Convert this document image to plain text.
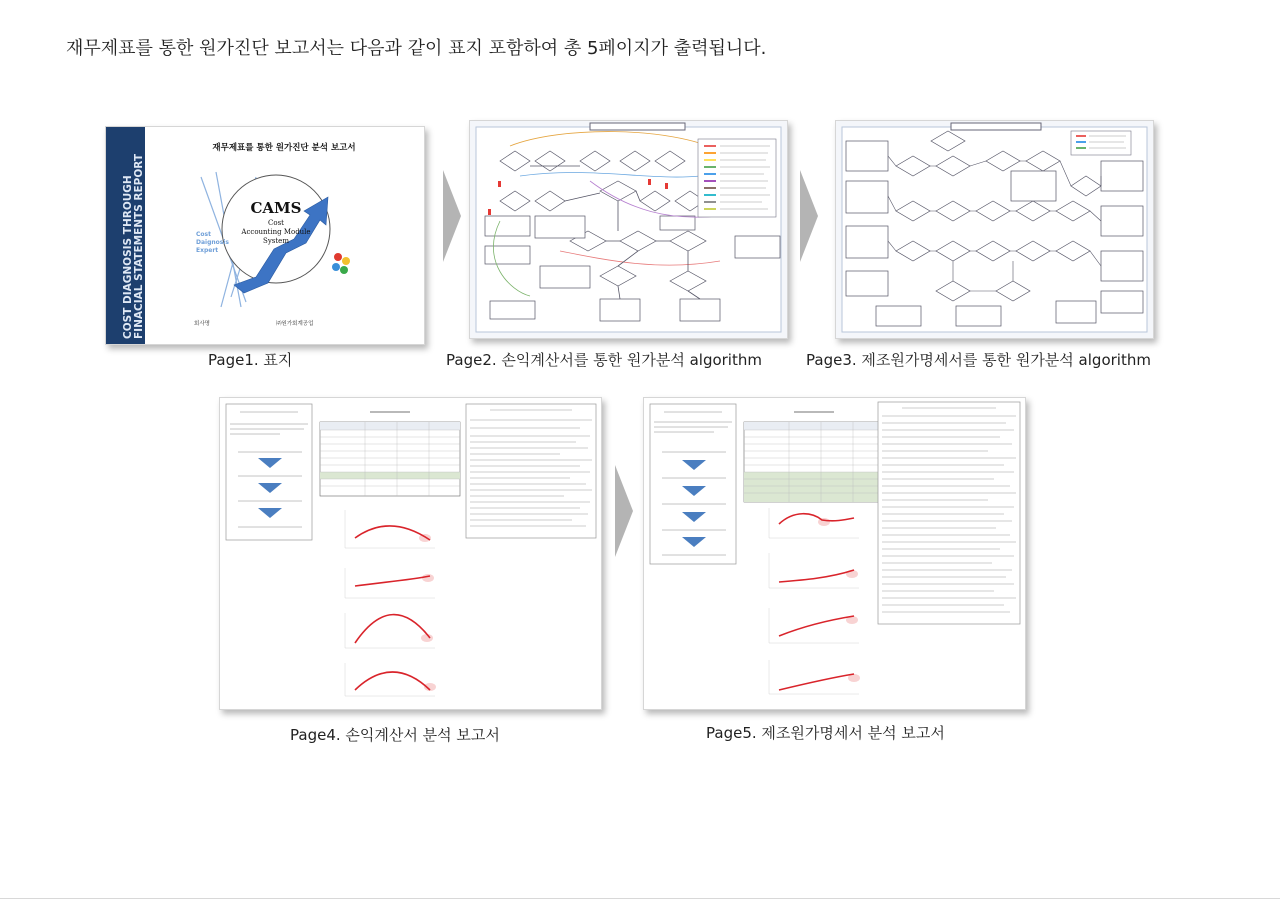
재무제표를 통한 원가진단 보고서는 다음과 같이 표지 포함하여 총 5페이지가 출력됩니다.
COST DIAGNOSIS THROUGH FINACIAL STATEMENTS REPORT
재무제표를 통한 원가진단 분석 보고서
CAMS
Cost
Accounting Module
System
Cost
Daignosis
Expert
회사명	㈜원가회계공업
Page1. 표지	Page2. 손익계산서를 통한 원가분석 algorithm	Page3. 제조원가명세서를 통한 원가분석 algorithm
Page4. 손익계산서 분석 보고서	Page5. 제조원가명세서 분석 보고서
